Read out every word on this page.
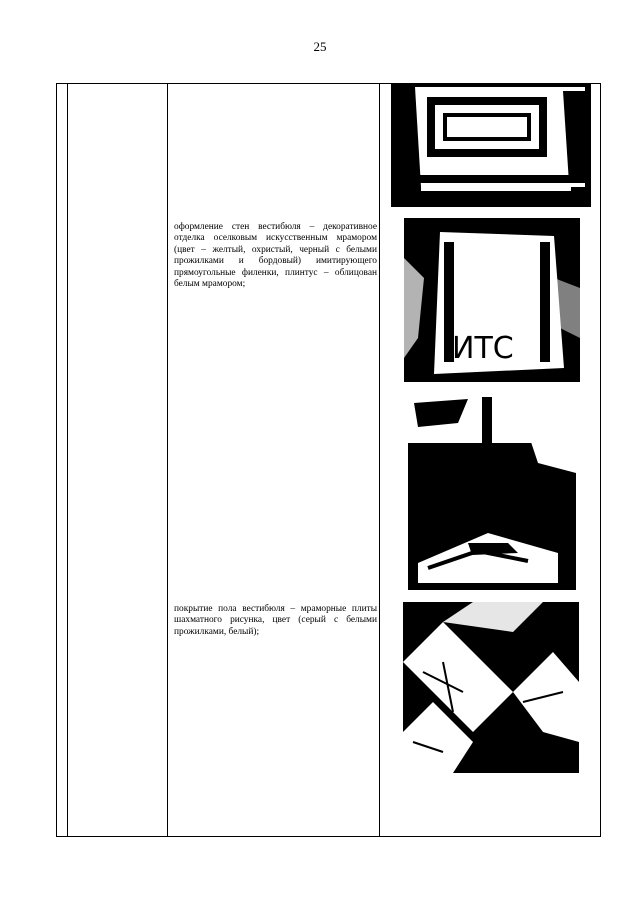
25
оформление стен вестибюля – декоративное отделка оселковым искусственным мрамором (цвет – желтый, охристый, черный с белыми прожилками и бордовый) имитирующего прямоугольные филенки, плинтус – облицован белым мрамором;
покрытие пола вестибюля – мраморные плиты шахматного рисунка, цвет (серый с белыми прожилками, белый);
ИТС
